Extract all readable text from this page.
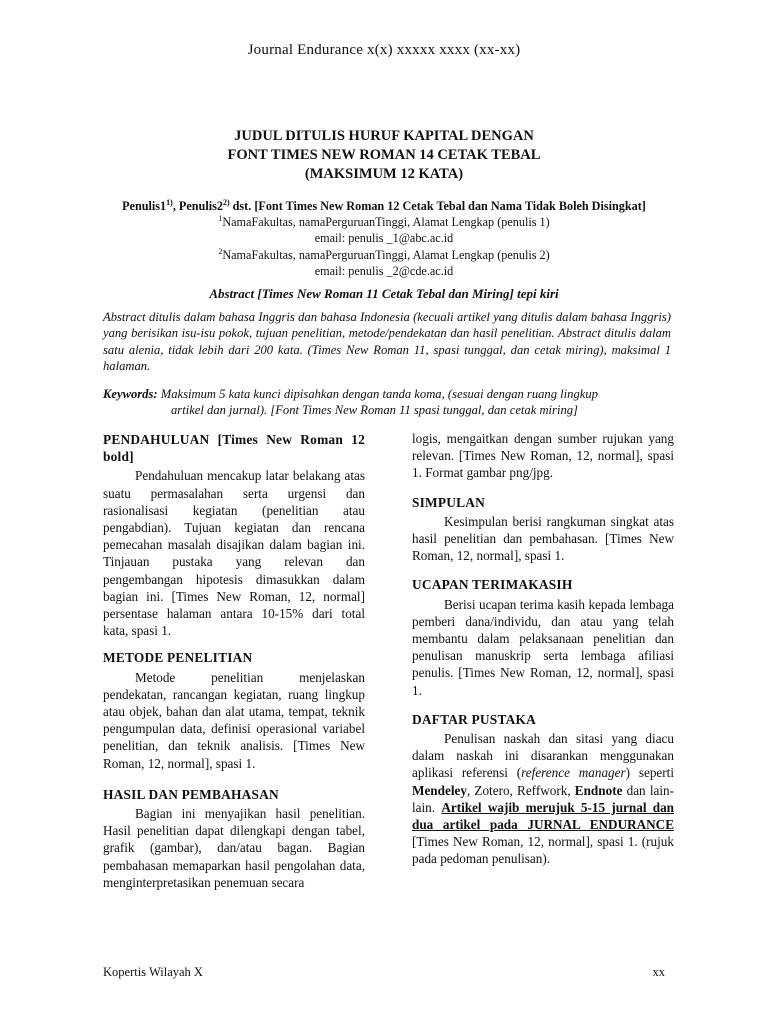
Journal Endurance x(x) xxxxx xxxx (xx-xx)
JUDUL DITULIS HURUF KAPITAL DENGAN
FONT TIMES NEW ROMAN 14 CETAK TEBAL
(MAKSIMUM 12 KATA)
Penulis1$^{1)}$, Penulis2$^{2)}$ dst. [Font Times New Roman 12 Cetak Tebal dan Nama Tidak Boleh Disingkat]
$^1$NamaFakultas, namaPerguruanTinggi, Alamat Lengkap (penulis 1)
email: penulis _1@abc.ac.id
$^2$NamaFakultas, namaPerguruanTinggi, Alamat Lengkap (penulis 2)
email: penulis _2@cde.ac.id
Abstract [Times New Roman 11 Cetak Tebal dan Miring] tepi kiri
Abstract ditulis dalam bahasa Inggris dan bahasa Indonesia (kecuali artikel yang ditulis dalam bahasa Inggris) yang berisikan isu-isu pokok, tujuan penelitian, metode/pendekatan dan hasil penelitian. Abstract ditulis dalam satu alenia, tidak lebih dari 200 kata. (Times New Roman 11, spasi tunggal, dan cetak miring), maksimal 1 halaman.
Keywords: Maksimum 5 kata kunci dipisahkan dengan tanda koma, (sesuai dengan ruang lingkup
artikel dan jurnal). [Font Times New Roman 11 spasi tunggal, dan cetak miring]

PENDAHULUAN [Times New Roman 12 bold]

Pendahuluan mencakup latar belakang atas suatu permasalahan serta urgensi dan rasionalisasi kegiatan (penelitian atau pengabdian). Tujuan kegiatan dan rencana pemecahan masalah disajikan dalam bagian ini. Tinjauan pustaka yang relevan dan pengembangan hipotesis dimasukkan dalam bagian ini. [Times New Roman, 12, normal] persentase halaman antara 10-15% dari total kata, spasi 1.

METODE PENELITIAN

Metode penelitian menjelaskan pendekatan, rancangan kegiatan, ruang lingkup atau objek, bahan dan alat utama, tempat, teknik pengumpulan data, definisi operasional variabel penelitian, dan teknik analisis. [Times New Roman, 12, normal], spasi 1.

HASIL DAN PEMBAHASAN

Bagian ini menyajikan hasil penelitian. Hasil penelitian dapat dilengkapi dengan tabel, grafik (gambar), dan/atau bagan. Bagian pembahasan memaparkan hasil pengolahan data, menginterpretasikan penemuan secara

logis, mengaitkan dengan sumber rujukan yang relevan. [Times New Roman, 12, normal], spasi 1. Format gambar png/jpg.

SIMPULAN

Kesimpulan berisi rangkuman singkat atas hasil penelitian dan pembahasan. [Times New Roman, 12, normal], spasi 1.

UCAPAN TERIMAKASIH

Berisi ucapan terima kasih kepada lembaga pemberi dana/individu, dan atau yang telah membantu dalam pelaksanaan penelitian dan penulisan manuskrip serta lembaga afiliasi penulis. [Times New Roman, 12, normal], spasi 1.

DAFTAR PUSTAKA

Penulisan naskah dan sitasi yang diacu dalam naskah ini disarankan menggunakan aplikasi referensi (reference manager) seperti Mendeley, Zotero, Reffwork, Endnote dan lain-lain. Artikel wajib merujuk 5-15 jurnal dan dua artikel pada JURNAL ENDURANCE [Times New Roman, 12, normal], spasi 1. (rujuk pada pedoman penulisan).

Kopertis Wilayah X	xx
